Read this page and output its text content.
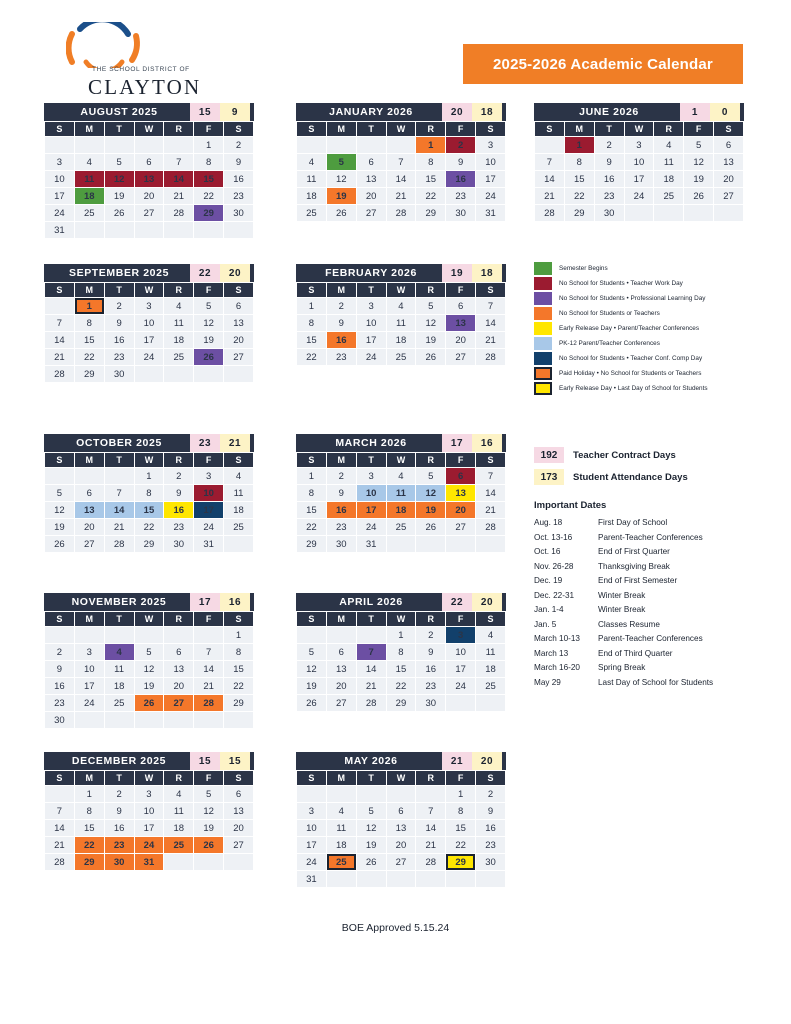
THE SCHOOL DISTRICT OF
CLAYTON
2025-2026 Academic Calendar
AUGUST 2025	15	9
S	M	T	W	R	F	S
					1	2
3	4	5	6	7	8	9
10	11	12	13	14	15	16
17	18	19	20	21	22	23
24	25	26	27	28	29	30
31						
JANUARY 2026	20	18
S	M	T	W	R	F	S
				1	2	3
4	5	6	7	8	9	10
11	12	13	14	15	16	17
18	19	20	21	22	23	24
25	26	27	28	29	30	31
JUNE 2026	1	0
S	M	T	W	R	F	S
	1	2	3	4	5	6
7	8	9	10	11	12	13
14	15	16	17	18	19	20
21	22	23	24	25	26	27
28	29	30				
SEPTEMBER 2025	22	20
S	M	T	W	R	F	S
	1	2	3	4	5	6
7	8	9	10	11	12	13
14	15	16	17	18	19	20
21	22	23	24	25	26	27
28	29	30				
FEBRUARY 2026	19	18
S	M	T	W	R	F	S
1	2	3	4	5	6	7
8	9	10	11	12	13	14
15	16	17	18	19	20	21
22	23	24	25	26	27	28
OCTOBER 2025	23	21
S	M	T	W	R	F	S
			1	2	3	4
5	6	7	8	9	10	11
12	13	14	15	16	17	18
19	20	21	22	23	24	25
26	27	28	29	30	31	
MARCH 2026	17	16
S	M	T	W	R	F	S
1	2	3	4	5	6	7
8	9	10	11	12	13	14
15	16	17	18	19	20	21
22	23	24	25	26	27	28
29	30	31				
NOVEMBER 2025	17	16
S	M	T	W	R	F	S
						1
2	3	4	5	6	7	8
9	10	11	12	13	14	15
16	17	18	19	20	21	22
23	24	25	26	27	28	29
30						
APRIL 2026	22	20
S	M	T	W	R	F	S
			1	2	3	4
5	6	7	8	9	10	11
12	13	14	15	16	17	18
19	20	21	22	23	24	25
26	27	28	29	30		
DECEMBER 2025	15	15
S	M	T	W	R	F	S
	1	2	3	4	5	6
7	8	9	10	11	12	13
14	15	16	17	18	19	20
21	22	23	24	25	26	27
28	29	30	31			
MAY 2026	21	20
S	M	T	W	R	F	S
					1	2
3	4	5	6	7	8	9
10	11	12	13	14	15	16
17	18	19	20	21	22	23
24	25	26	27	28	29	30
31						
Semester Begins
No School for Students • Teacher Work Day
No School for Students • Professional Learning Day
No School for Students or Teachers
Early Release Day • Parent/Teacher Conferences
PK-12 Parent/Teacher Conferences
No School for Students • Teacher Conf. Comp Day
Paid Holiday • No School for Students or Teachers
Early Release Day • Last Day of School for Students
192	Teacher Contract Days
173	Student Attendance Days
Important Dates
Aug. 18	First Day of School
Oct. 13-16	Parent-Teacher Conferences
Oct. 16	End of First Quarter
Nov. 26-28	Thanksgiving Break
Dec. 19	End of First Semester
Dec. 22-31	Winter Break
Jan. 1-4	Winter Break
Jan. 5	Classes Resume
March 10-13	Parent-Teacher Conferences
March 13	End of Third Quarter
March 16-20	Spring Break
May 29	Last Day of School for Students
BOE Approved 5.15.24
